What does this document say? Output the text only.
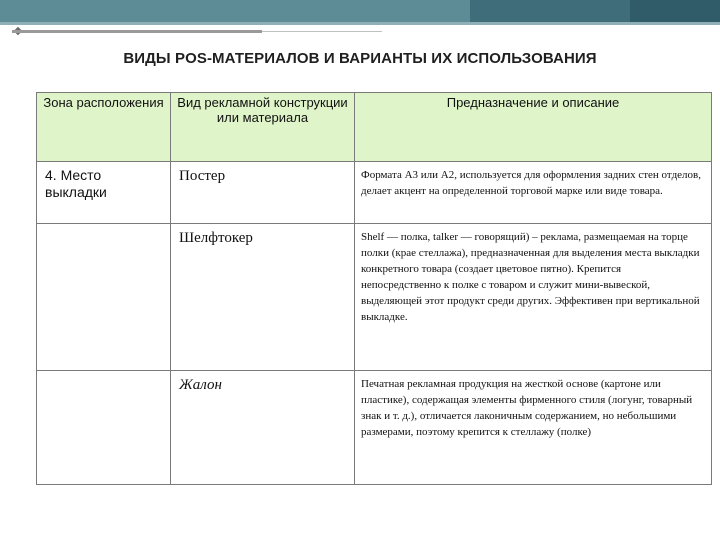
ВИДЫ POS-МАТЕРИАЛОВ И ВАРИАНТЫ ИХ ИСПОЛЬЗОВАНИЯ
Зона расположения	Вид рекламной конструкции или материала	Предназначение и описание
4. Место выкладки	Постер	Формата А3 или А2, используется для оформления задних стен отделов, делает акцент на определенной торговой марке или виде товара.
	Шелфтокер	Shelf — полка, talker — говорящий) – реклама, размещаемая на торце полки (крае стеллажа), предназначенная для выделения места выкладки конкретного товара (создает цветовое пятно). Крепится непосредственно к полке с товаром и служит мини-вывеской, выделяющей этот продукт среди других. Эффективен при вертикальной выкладке.
	Жалон	Печатная рекламная продукция на жесткой основе (картоне или пластике), содержащая элементы фирменного стиля (логунг, товарный знак и т. д.), отличается лаконичным содержанием, но небольшими размерами, поэтому крепится к стеллажу (полке)
